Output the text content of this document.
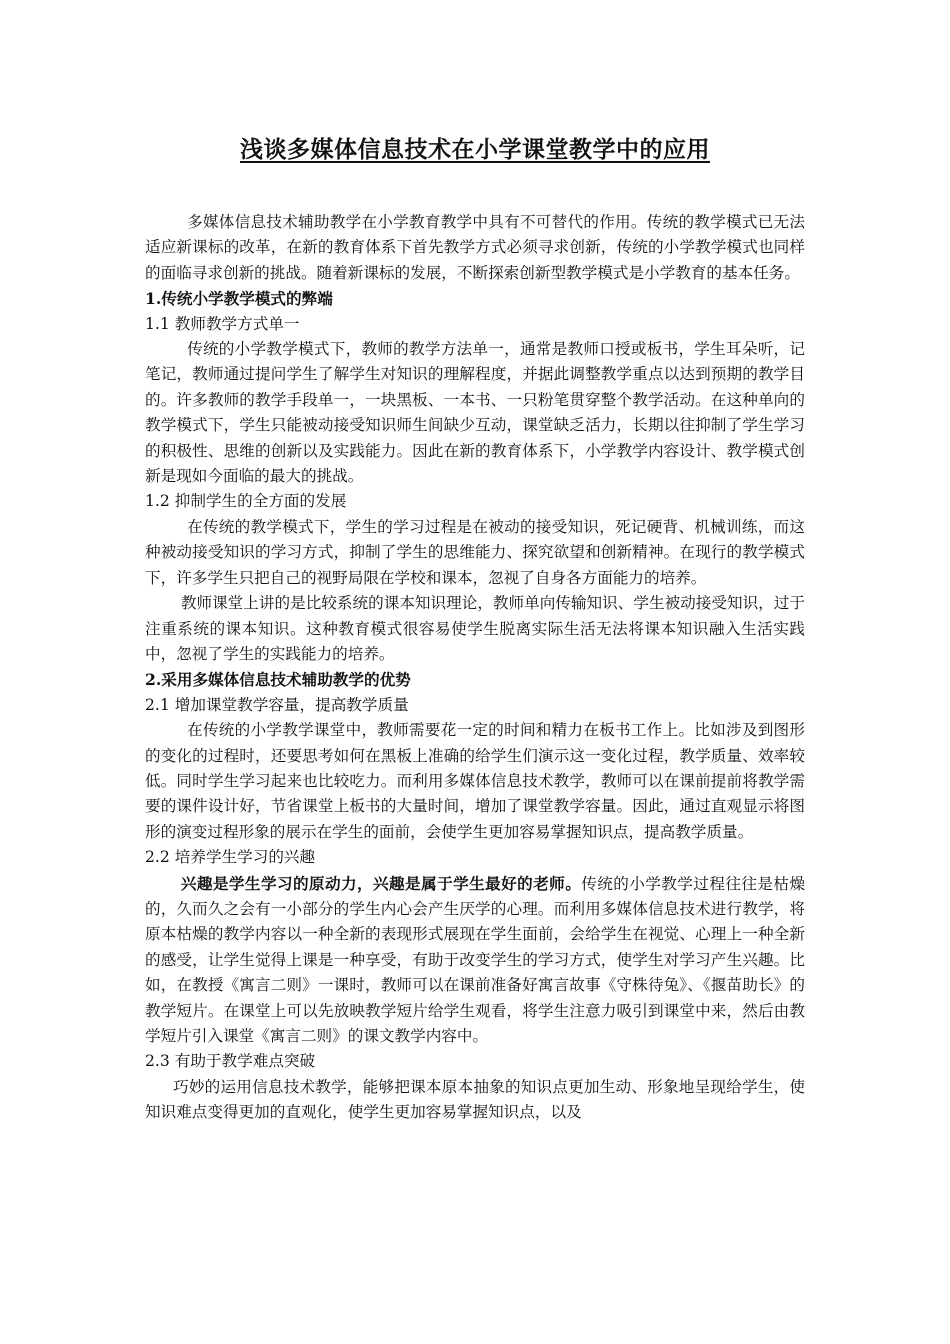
浅谈多媒体信息技术在小学课堂教学中的应用

多媒体信息技术辅助教学在小学教育教学中具有不可替代的作用。传统的教学模式已无法适应新课标的改革，在新的教育体系下首先教学方式必须寻求创新，传统的小学教学模式也同样的面临寻求创新的挑战。随着新课标的发展，不断探索创新型教学模式是小学教育的基本任务。

1.传统小学教学模式的弊端
1.1 教师教学方式单一

传统的小学教学模式下，教师的教学方法单一，通常是教师口授或板书，学生耳朵听，记笔记，教师通过提问学生了解学生对知识的理解程度，并据此调整教学重点以达到预期的教学目的。许多教师的教学手段单一，一块黑板、一本书、一只粉笔贯穿整个教学活动。在这种单向的教学模式下，学生只能被动接受知识师生间缺少互动，课堂缺乏活力，长期以往抑制了学生学习的积极性、思维的创新以及实践能力。因此在新的教育体系下，小学教学内容设计、教学模式创新是现如今面临的最大的挑战。

1.2 抑制学生的全方面的发展

在传统的教学模式下，学生的学习过程是在被动的接受知识，死记硬背、机械训练，而这种被动接受知识的学习方式，抑制了学生的思维能力、探究欲望和创新精神。在现行的教学模式下，许多学生只把自己的视野局限在学校和课本，忽视了自身各方面能力的培养。

教师课堂上讲的是比较系统的课本知识理论，教师单向传输知识、学生被动接受知识，过于注重系统的课本知识。这种教育模式很容易使学生脱离实际生活无法将课本知识融入生活实践中，忽视了学生的实践能力的培养。

2.采用多媒体信息技术辅助教学的优势
2.1 增加课堂教学容量，提高教学质量

在传统的小学教学课堂中，教师需要花一定的时间和精力在板书工作上。比如涉及到图形的变化的过程时，还要思考如何在黑板上准确的给学生们演示这一变化过程，教学质量、效率较低。同时学生学习起来也比较吃力。而利用多媒体信息技术教学，教师可以在课前提前将教学需要的课件设计好，节省课堂上板书的大量时间，增加了课堂教学容量。因此，通过直观显示将图形的演变过程形象的展示在学生的面前，会使学生更加容易掌握知识点，提高教学质量。

2.2 培养学生学习的兴趣

兴趣是学生学习的原动力，兴趣是属于学生最好的老师。传统的小学教学过程往往是枯燥的，久而久之会有一小部分的学生内心会产生厌学的心理。而利用多媒体信息技术进行教学，将原本枯燥的教学内容以一种全新的表现形式展现在学生面前，会给学生在视觉、心理上一种全新的感受，让学生觉得上课是一种享受，有助于改变学生的学习方式，使学生对学习产生兴趣。比如，在教授《寓言二则》一课时，教师可以在课前准备好寓言故事《守株待兔》、《揠苗助长》的教学短片。在课堂上可以先放映教学短片给学生观看，将学生注意力吸引到课堂中来，然后由教学短片引入课堂《寓言二则》的课文教学内容中。

2.3 有助于教学难点突破

巧妙的运用信息技术教学，能够把课本原本抽象的知识点更加生动、形象地呈现给学生，使知识难点变得更加的直观化，使学生更加容易掌握知识点，以及
